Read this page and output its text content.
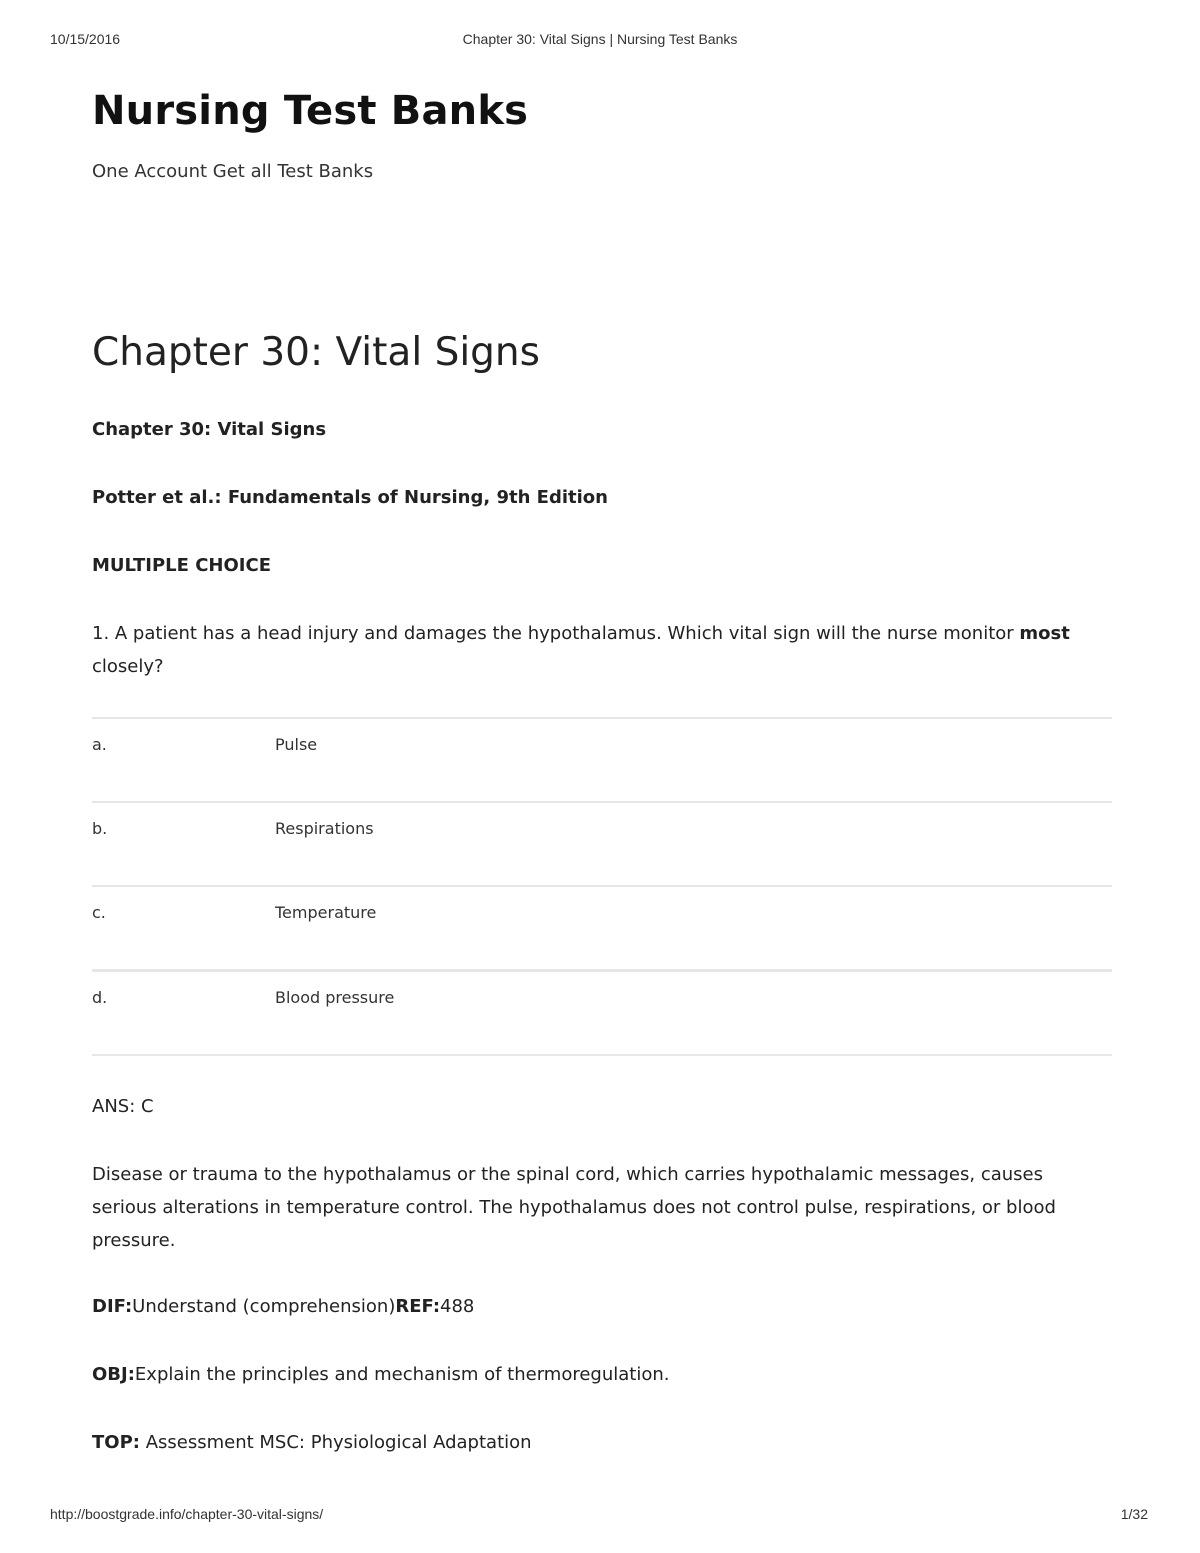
10/15/2016	Chapter 30: Vital Signs | Nursing Test Banks
Nursing Test Banks
One Account Get all Test Banks
Chapter 30: Vital Signs
Chapter 30: Vital Signs
Potter et al.: Fundamentals of Nursing, 9th Edition
MULTIPLE CHOICE
1. A patient has a head injury and damages the hypothalamus. Which vital sign will the nurse monitor most closely?
a.	Pulse
b.	Respirations
c.	Temperature
d.	Blood pressure
ANS: C
Disease or trauma to the hypothalamus or the spinal cord, which carries hypothalamic messages, causes serious alterations in temperature control. The hypothalamus does not control pulse, respirations, or blood pressure.
DIF:Understand (comprehension)REF:488
OBJ:Explain the principles and mechanism of thermoregulation.
TOP: Assessment MSC: Physiological Adaptation
http://boostgrade.info/chapter-30-vital-signs/	1/32
